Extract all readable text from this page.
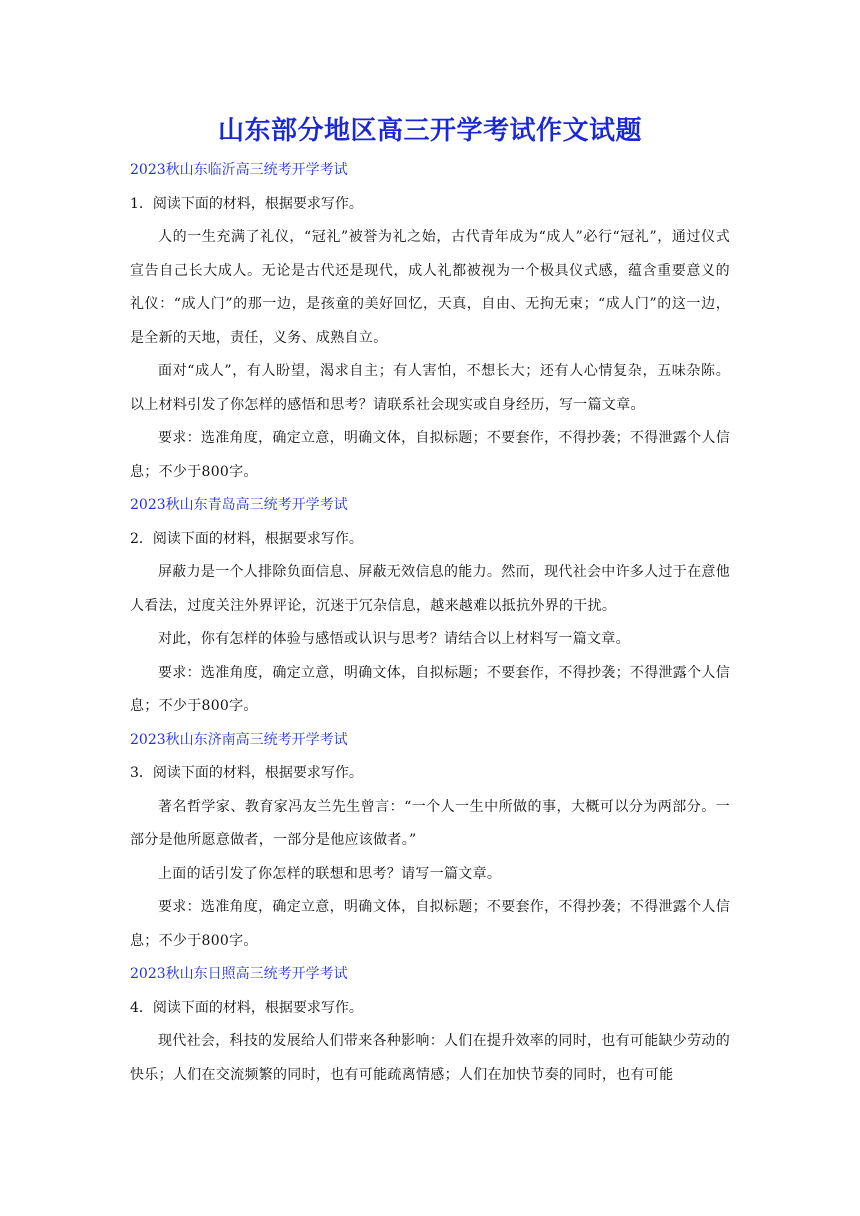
山东部分地区高三开学考试作文试题

2023秋山东临沂高三统考开学考试

1．阅读下面的材料，根据要求写作。

人的一生充满了礼仪，“冠礼”被誉为礼之始，古代青年成为“成人”必行“冠礼”，通过仪式宣告自己长大成人。无论是古代还是现代，成人礼都被视为一个极具仪式感，蕴含重要意义的礼仪：“成人门”的那一边，是孩童的美好回忆，天真，自由、无拘无束；“成人门”的这一边，是全新的天地，责任，义务、成熟自立。

面对“成人”，有人盼望，渴求自主；有人害怕，不想长大；还有人心情复杂，五味杂陈。以上材料引发了你怎样的感悟和思考？请联系社会现实或自身经历，写一篇文章。

要求：选准角度，确定立意，明确文体，自拟标题；不要套作，不得抄袭；不得泄露个人信息；不少于800字。

2023秋山东青岛高三统考开学考试

2．阅读下面的材料，根据要求写作。

屏蔽力是一个人排除负面信息、屏蔽无效信息的能力。然而，现代社会中许多人过于在意他人看法，过度关注外界评论，沉迷于冗杂信息，越来越难以抵抗外界的干扰。

对此，你有怎样的体验与感悟或认识与思考？请结合以上材料写一篇文章。

要求：选准角度，确定立意，明确文体，自拟标题；不要套作，不得抄袭；不得泄露个人信息；不少于800字。

2023秋山东济南高三统考开学考试

3．阅读下面的材料，根据要求写作。

著名哲学家、教育家冯友兰先生曾言：“一个人一生中所做的事，大概可以分为两部分。一部分是他所愿意做者，一部分是他应该做者。”

上面的话引发了你怎样的联想和思考？请写一篇文章。

要求：选准角度，确定立意，明确文体，自拟标题；不要套作，不得抄袭；不得泄露个人信息；不少于800字。

2023秋山东日照高三统考开学考试

4．阅读下面的材料，根据要求写作。

现代社会，科技的发展给人们带来各种影响：人们在提升效率的同时，也有可能缺少劳动的快乐；人们在交流频繁的同时，也有可能疏离情感；人们在加快节奏的同时，也有可能
